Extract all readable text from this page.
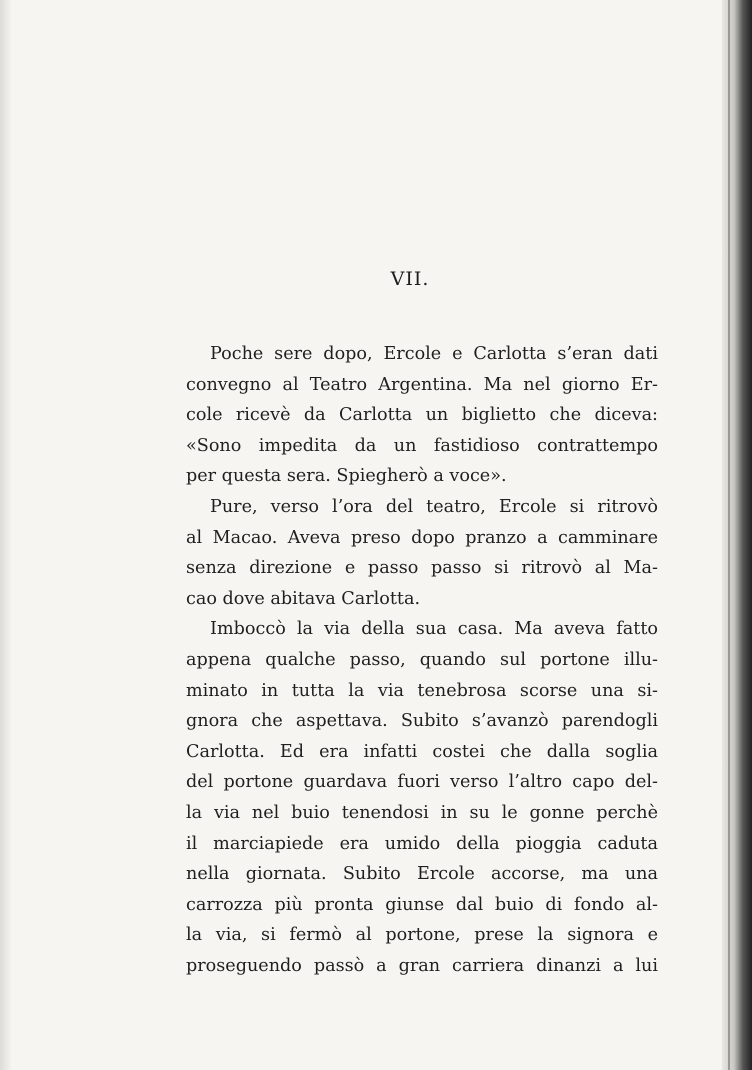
VII.
Poche sere dopo, Ercole e Carlotta s’eran dati
convegno al Teatro Argentina. Ma nel giorno Er-
cole ricevè da Carlotta un biglietto che diceva:
«Sono impedita da un fastidioso contrattempo
per questa sera. Spiegherò a voce».
Pure, verso l’ora del teatro, Ercole si ritrovò
al Macao. Aveva preso dopo pranzo a camminare
senza direzione e passo passo si ritrovò al Ma-
cao dove abitava Carlotta.
Imboccò la via della sua casa. Ma aveva fatto
appena qualche passo, quando sul portone illu-
minato in tutta la via tenebrosa scorse una si-
gnora che aspettava. Subito s’avanzò parendogli
Carlotta. Ed era infatti costei che dalla soglia
del portone guardava fuori verso l’altro capo del-
la via nel buio tenendosi in su le gonne perchè
il marciapiede era umido della pioggia caduta
nella giornata. Subito Ercole accorse, ma una
carrozza più pronta giunse dal buio di fondo al-
la via, si fermò al portone, prese la signora e
proseguendo passò a gran carriera dinanzi a lui
